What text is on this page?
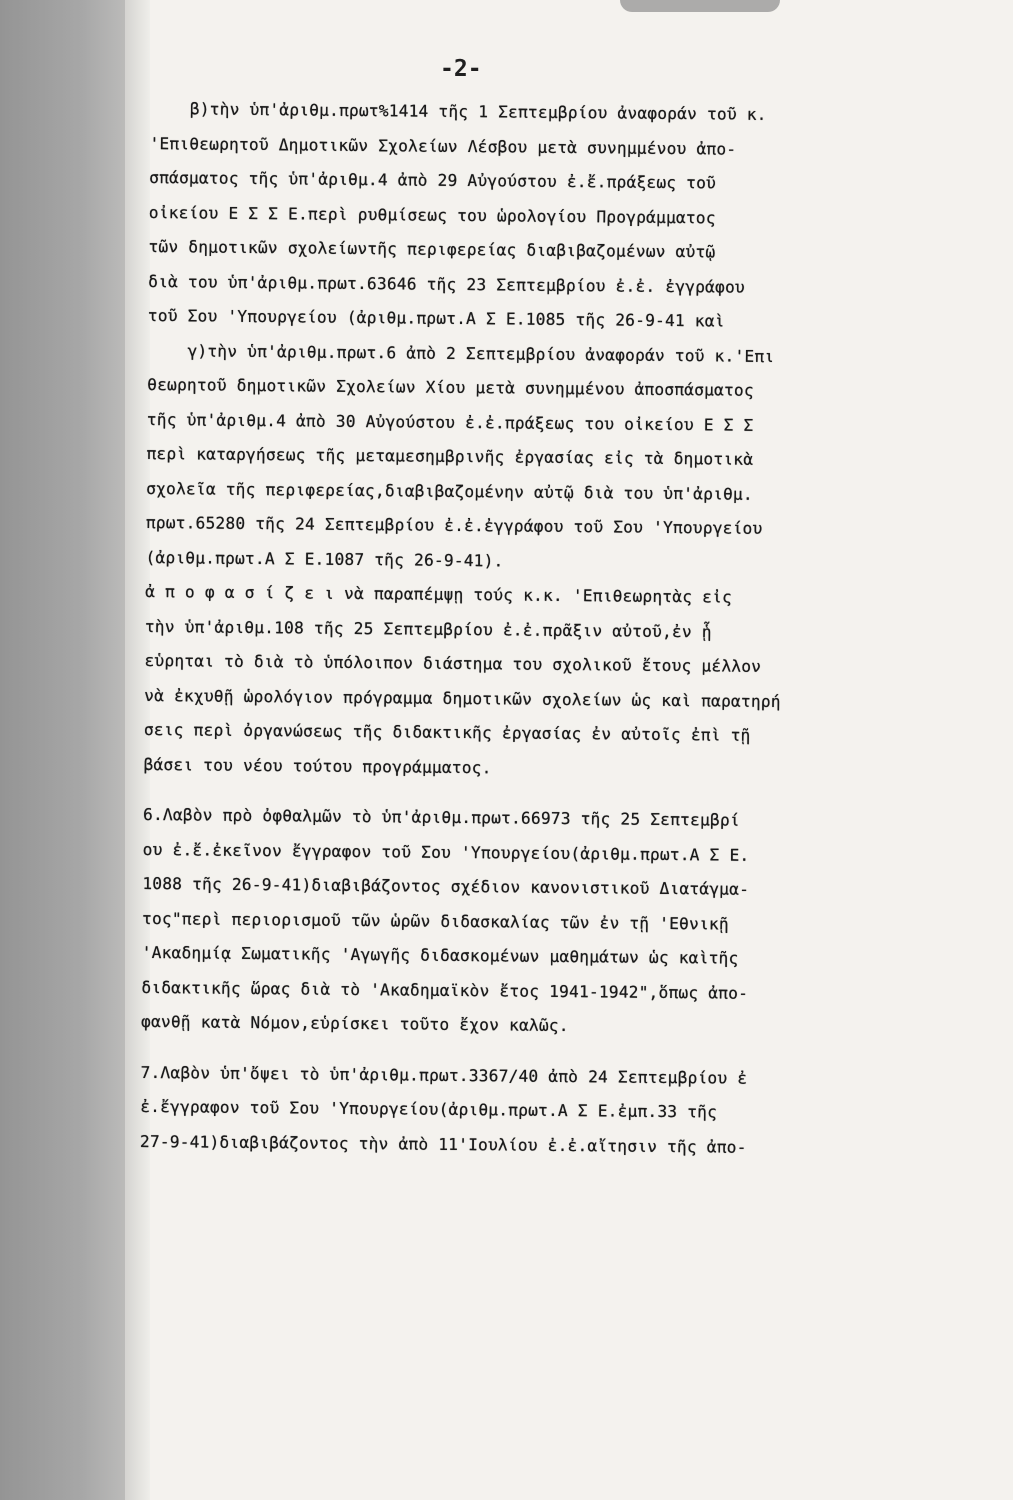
-2-
β)τὴν ὑπ'ἀριθμ.πρωτ%1414 τῆς 1 Σεπτεμβρίου ἀναφοράν τοῦ κ.
'Επιθεωρητοῦ Δημοτικῶν Σχολείων Λέσβου μετὰ συνημμένου ἀπο-
σπάσματος τῆς ὑπ'ἀριθμ.4 ἀπὸ 29 Αὐγούστου ἐ.ἔ.πράξεως τοῦ
οἰκείου Ε Σ Σ Ε.περὶ ρυθμίσεως του ὡρολογίου Προγράμματος
τῶν δημοτικῶν σχολείωντῆς περιφερείας διαβιβαζομένων αὐτῷ
διὰ του ὑπ'ἀριθμ.πρωτ.63646 τῆς 23 Σεπτεμβρίου ἐ.ἐ. ἐγγράφου
τοῦ Σου 'Υπουργείου (ἀριθμ.πρωτ.Α Σ Ε.1085 τῆς 26-9-41 καὶ
γ)τὴν ὑπ'ἀριθμ.πρωτ.6 ἀπὸ 2 Σεπτεμβρίου ἀναφοράν τοῦ κ.'Επι
θεωρητοῦ δημοτικῶν Σχολείων Χίου μετὰ συνημμένου ἀποσπάσματος
τῆς ὑπ'ἀριθμ.4 ἀπὸ 30 Αὐγούστου ἐ.ἐ.πράξεως του οἰκείου Ε Σ Σ
περὶ καταργήσεως τῆς μεταμεσημβρινῆς ἐργασίας εἰς τὰ δημοτικὰ
σχολεῖα τῆς περιφερείας,διαβιβαζομένην αὐτῷ διὰ του ὑπ'ἀριθμ.
πρωτ.65280 τῆς 24 Σεπτεμβρίου ἐ.ἐ.ἐγγράφου τοῦ Σου 'Υπουργείου
(ἀριθμ.πρωτ.Α Σ Ε.1087 τῆς 26-9-41).
ἀ π ο φ α σ ί ζ ε ι νὰ παραπέμψῃ τούς κ.κ. 'Επιθεωρητὰς εἰς
τὴν ὑπ'ἀριθμ.108 τῆς 25 Σεπτεμβρίου ἐ.ἐ.πρᾶξιν αὐτοῦ,ἐν ᾗ
εὑρηται τὸ διὰ τὸ ὑπόλοιπον διάστημα του σχολικοῦ ἔτους μέλλον
νὰ ἐκχυθῇ ὡρολόγιον πρόγραμμα δημοτικῶν σχολείων ὡς καὶ παρατηρή
σεις περὶ ὀργανώσεως τῆς διδακτικῆς ἐργασίας ἐν αὐτοῖς ἐπὶ τῇ
βάσει του νέου τούτου προγράμματος.
6.Λαβὸν πρὸ ὀφθαλμῶν τὸ ὑπ'ἀριθμ.πρωτ.66973 τῆς 25 Σεπτεμβρί
ου ἐ.ἔ.ἐκεῖνον ἔγγραφον τοῦ Σου 'Υπουργείου(ἀριθμ.πρωτ.Α Σ Ε.
1088 τῆς 26-9-41)διαβιβάζοντος σχέδιον κανονιστικοῦ Διατάγμα-
τος"περὶ περιορισμοῦ τῶν ὡρῶν διδασκαλίας τῶν ἐν τῇ 'Εθνικῇ
'Ακαδημίᾳ Σωματικῆς 'Αγωγῆς διδασκομένων μαθημάτων ὡς καὶτῆς
διδακτικῆς ὥρας διὰ τὸ 'Ακαδημαϊκὸν ἔτος 1941-1942",ὅπως ἀπο-
φανθῇ κατὰ Νόμον,εὑρίσκει τοῦτο ἔχον καλῶς.
7.Λαβὸν ὑπ'ὄψει τὸ ὑπ'ἀριθμ.πρωτ.3367/40 ἀπὸ 24 Σεπτεμβρίου ἐ
ἐ.ἔγγραφον τοῦ Σου 'Υπουργείου(ἀριθμ.πρωτ.Α Σ Ε.ἐμπ.33 τῆς
27-9-41)διαβιβάζοντος τὴν ἀπὸ 11'Ιουλίου ἐ.ἐ.αἴτησιν τῆς ἀπο-
